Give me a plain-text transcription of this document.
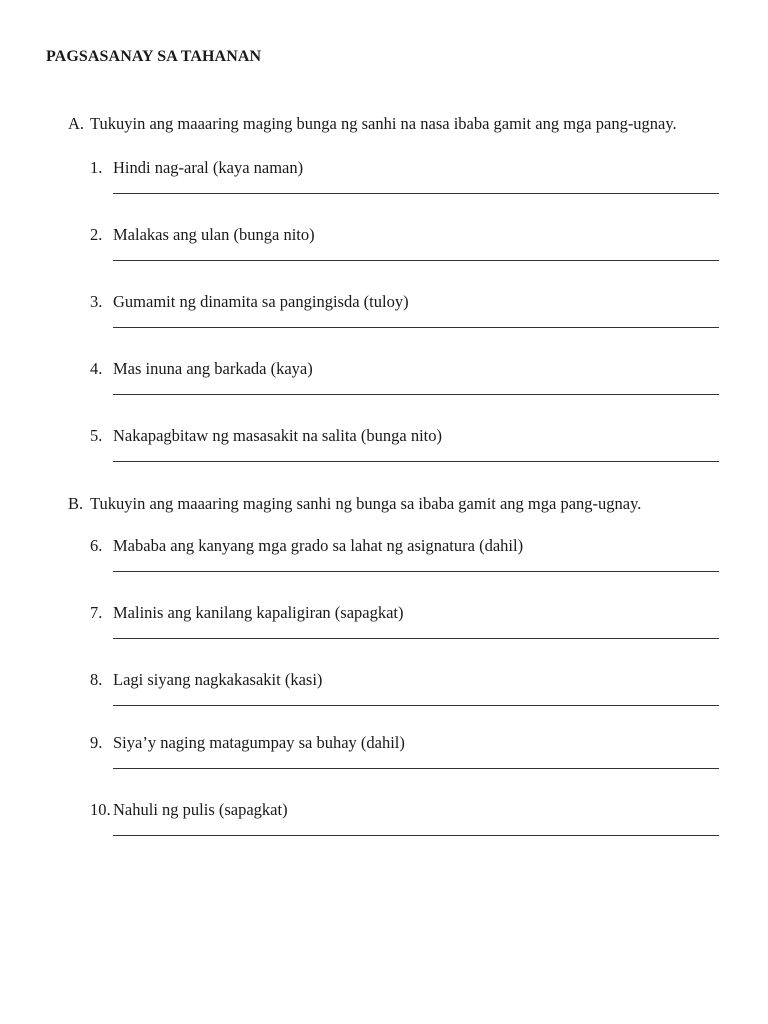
PAGSASANAY SA TAHANAN
A. Tukuyin ang maaaring maging bunga ng sanhi na nasa ibaba gamit ang mga pang-ugnay.
1. Hindi nag-aral (kaya naman)
2. Malakas ang ulan (bunga nito)
3. Gumamit ng dinamita sa pangingisda (tuloy)
4. Mas inuna ang barkada (kaya)
5. Nakapagbitaw ng masasakit na salita (bunga nito)
B. Tukuyin ang maaaring maging sanhi ng bunga sa ibaba gamit ang mga pang-ugnay.
6. Mababa ang kanyang mga grado sa lahat ng asignatura (dahil)
7. Malinis ang kanilang kapaligiran (sapagkat)
8. Lagi siyang nagkakasakit (kasi)
9. Siya’y naging matagumpay sa buhay (dahil)
10. Nahuli ng pulis (sapagkat)
